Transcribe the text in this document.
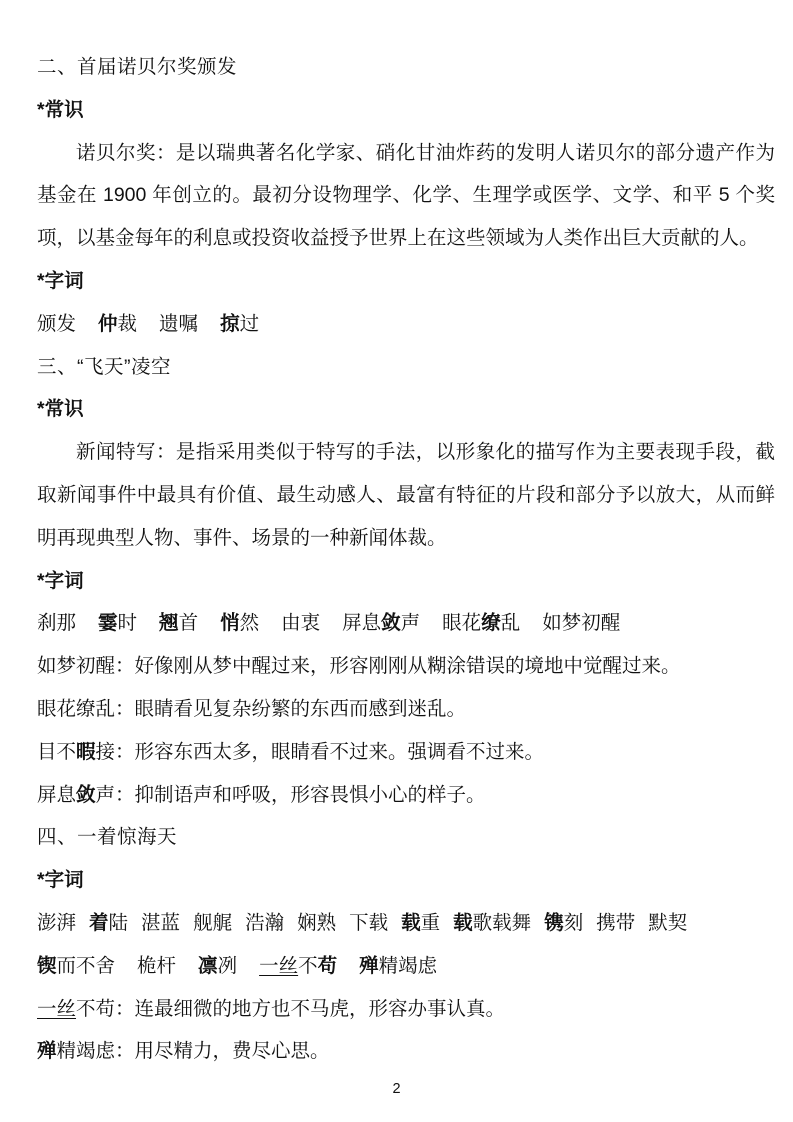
二、首届诺贝尔奖颁发
*常识
诺贝尔奖：是以瑞典著名化学家、硝化甘油炸药的发明人诺贝尔的部分遗产作为
基金在 1900 年创立的。最初分设物理学、化学、生理学或医学、文学、和平 5 个奖
项，以基金每年的利息或投资收益授予世界上在这些领域为人类作出巨大贡献的人。
*字词
颁发 仲裁 遗嘱 掠过
三、“飞天”凌空
*常识
新闻特写：是指采用类似于特写的手法，以形象化的描写作为主要表现手段，截
取新闻事件中最具有价值、最生动感人、最富有特征的片段和部分予以放大，从而鲜
明再现典型人物、事件、场景的一种新闻体裁。
*字词
刹那 霎时 翘首 悄然 由衷 屏息敛声 眼花缭乱 如梦初醒
如梦初醒：好像刚从梦中醒过来，形容刚刚从糊涂错误的境地中觉醒过来。
眼花缭乱：眼睛看见复杂纷繁的东西而感到迷乱。
目不暇接：形容东西太多，眼睛看不过来。强调看不过来。
屏息敛声：抑制语声和呼吸，形容畏惧小心的样子。
四、一着惊海天
*字词
澎湃 着陆 湛蓝 舰艉 浩瀚 娴熟 下载 载重 载歌载舞 镌刻 携带 默契
锲而不舍 桅杆 凛冽 一丝不苟 殚精竭虑
一丝不苟：连最细微的地方也不马虎，形容办事认真。
殚精竭虑：用尽精力，费尽心思。
2
